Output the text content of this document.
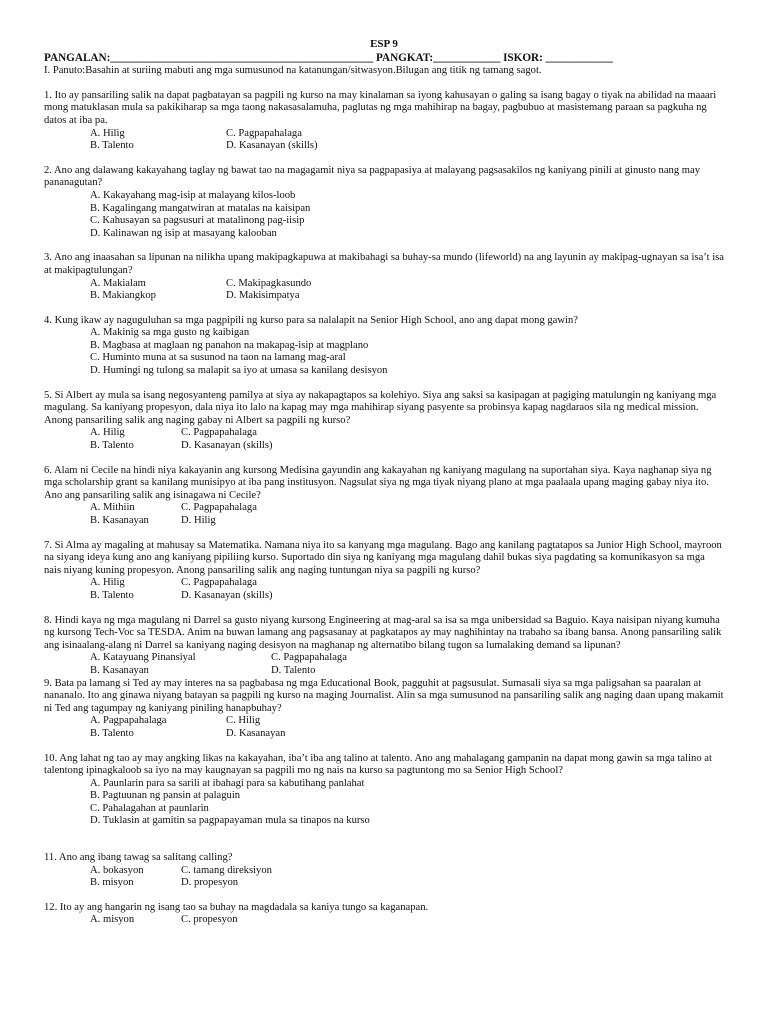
ESP 9
PANGALAN:_______________________________________________ PANGKAT:____________ ISKOR: ____________
I. Panuto:Basahin at suriing mabuti ang mga sumusunod na katanungan/sitwasyon.Bilugan ang titik ng tamang sagot.

1. Ito ay pansariling salik na dapat pagbatayan sa pagpili ng kurso na may kinalaman sa iyong kahusayan o galing sa isang bagay o tiyak na abilidad na maaari mong matuklasan mula sa pakikiharap sa mga taong nakasasalamuha, paglutas ng mga mahihirap na bagay, pagbubuo at masistemang paraan sa pagkuha ng datos at iba pa.

A. Hilig	C. Pagpapahalaga
B. Talento	D. Kasanayan (skills)

2. Ano ang dalawang kakayahang taglay ng bawat tao na magagamit niya sa pagpapasiya at malayang pagsasakilos ng kaniyang pinili at ginusto nang may pananagutan?

A. Kakayahang mag-isip at malayang kilos-loob
B. Kagalingang mangatwiran at matalas na kaisipan
C. Kahusayan sa pagsusuri at matalinong pag-iisip
D. Kalinawan ng isip at masayang kalooban

3. Ano ang inaasahan sa lipunan na nilikha upang makipagkapuwa at makibahagi sa buhay-sa mundo (lifeworld) na ang layunin ay makipag-ugnayan sa isa’t isa at makipagtulungan?

A. Makialam	C. Makipagkasundo
B. Makiangkop	D. Makisimpatya

4. Kung ikaw ay naguguluhan sa mga pagpipili ng kurso para sa nalalapit na Senior High School, ano ang dapat mong gawin?

A. Makinig sa mga gusto ng kaibigan
B. Magbasa at maglaan ng panahon na makapag-isip at magplano
C. Huminto muna at sa susunod na taon na lamang mag-aral
D. Humingi ng tulong sa malapit sa iyo at umasa sa kanilang desisyon

5. Si Albert ay mula sa isang negosyanteng pamilya at siya ay nakapagtapos sa kolehiyo. Siya ang saksi sa kasipagan at pagiging matulungin ng kaniyang mga magulang. Sa kaniyang propesyon, dala niya ito lalo na kapag may mga mahihirap siyang pasyente sa probinsya kapag nagdaraos sila ng medical mission. Anong pansariling salik ang naging gabay ni Albert sa pagpili ng kurso?

A. Hilig	C. Pagpapahalaga
B. Talento	D. Kasanayan (skills)

6. Alam ni Cecile na hindi niya kakayanin ang kursong Medisina gayundin ang kakayahan ng kaniyang magulang na suportahan siya. Kaya naghanap siya ng mga scholarship grant sa kanilang munisipyo at iba pang institusyon. Nagsulat siya ng mga tiyak niyang plano at mga paalaala upang maging gabay niya ito. Ano ang pansariling salik ang isinagawa ni Cecile?

A. Mithiin	C. Pagpapahalaga
B. Kasanayan	D. Hilig

7. Si Alma ay magaling at mahusay sa Matematika. Namana niya ito sa kanyang mga magulang. Bago ang kanilang pagtatapos sa Junior High School, mayroon na siyang ideya kung ano ang kaniyang pipiliing kurso. Suportado din siya ng kaniyang mga magulang dahil bukas siya pagdating sa komunikasyon sa mga nais niyang kuning propesyon. Anong pansariling salik ang naging tuntungan niya sa pagpili ng kurso?

A. Hilig	C. Pagpapahalaga
B. Talento	D. Kasanayan (skills)

8. Hindi kaya ng mga magulang ni Darrel sa gusto niyang kursong Engineering at mag-aral sa isa sa mga unibersidad sa Baguio. Kaya naisipan niyang kumuha ng kursong Tech-Voc sa TESDA. Anim na buwan lamang ang pagsasanay at pagkatapos ay may naghihintay na trabaho sa ibang bansa. Anong pansariling salik ang isinaalang-alang ni Darrel sa kaniyang naging desisyon na maghanap ng alternatibo bilang tugon sa lumalaking demand sa lipunan?

A. Katayuang Pinansiyal	C. Pagpapahalaga
B. Kasanayan	D. Talento

9. Bata pa lamang si Ted ay may interes na sa pagbabasa ng mga Educational Book, pagguhit at pagsusulat. Sumasali siya sa mga paligsahan sa paaralan at nananalo. Ito ang ginawa niyang batayan sa pagpili ng kurso na maging Journalist. Alin sa mga sumusunod na pansariling salik ang naging daan upang makamit ni Ted ang tagumpay ng kaniyang piniling hanapbuhay?

A. Pagpapahalaga	C. Hilig
B. Talento	D. Kasanayan

10. Ang lahat ng tao ay may angking likas na kakayahan, iba’t iba ang talino at talento. Ano ang mahalagang gampanin na dapat mong gawin sa mga talino at talentong ipinagkaloob sa iyo na may kaugnayan sa pagpili mo ng nais na kurso sa pagtuntong mo sa Senior High School?

A. Paunlarin para sa sarili at ibahagi para sa kabutihang panlahat
B. Pagtuunan ng pansin at palaguin
C. Pahalagahan at paunlarin
D. Tuklasin at gamitin sa pagpapayaman mula sa tinapos na kurso

11. Ano ang ibang tawag sa salitang calling?

A. bokasyon	C. tamang direksiyon
B. misyon	D. propesyon

12. Ito ay ang hangarin ng isang tao sa buhay na magdadala sa kaniya tungo sa kaganapan.

A. misyon	C. propesyon
